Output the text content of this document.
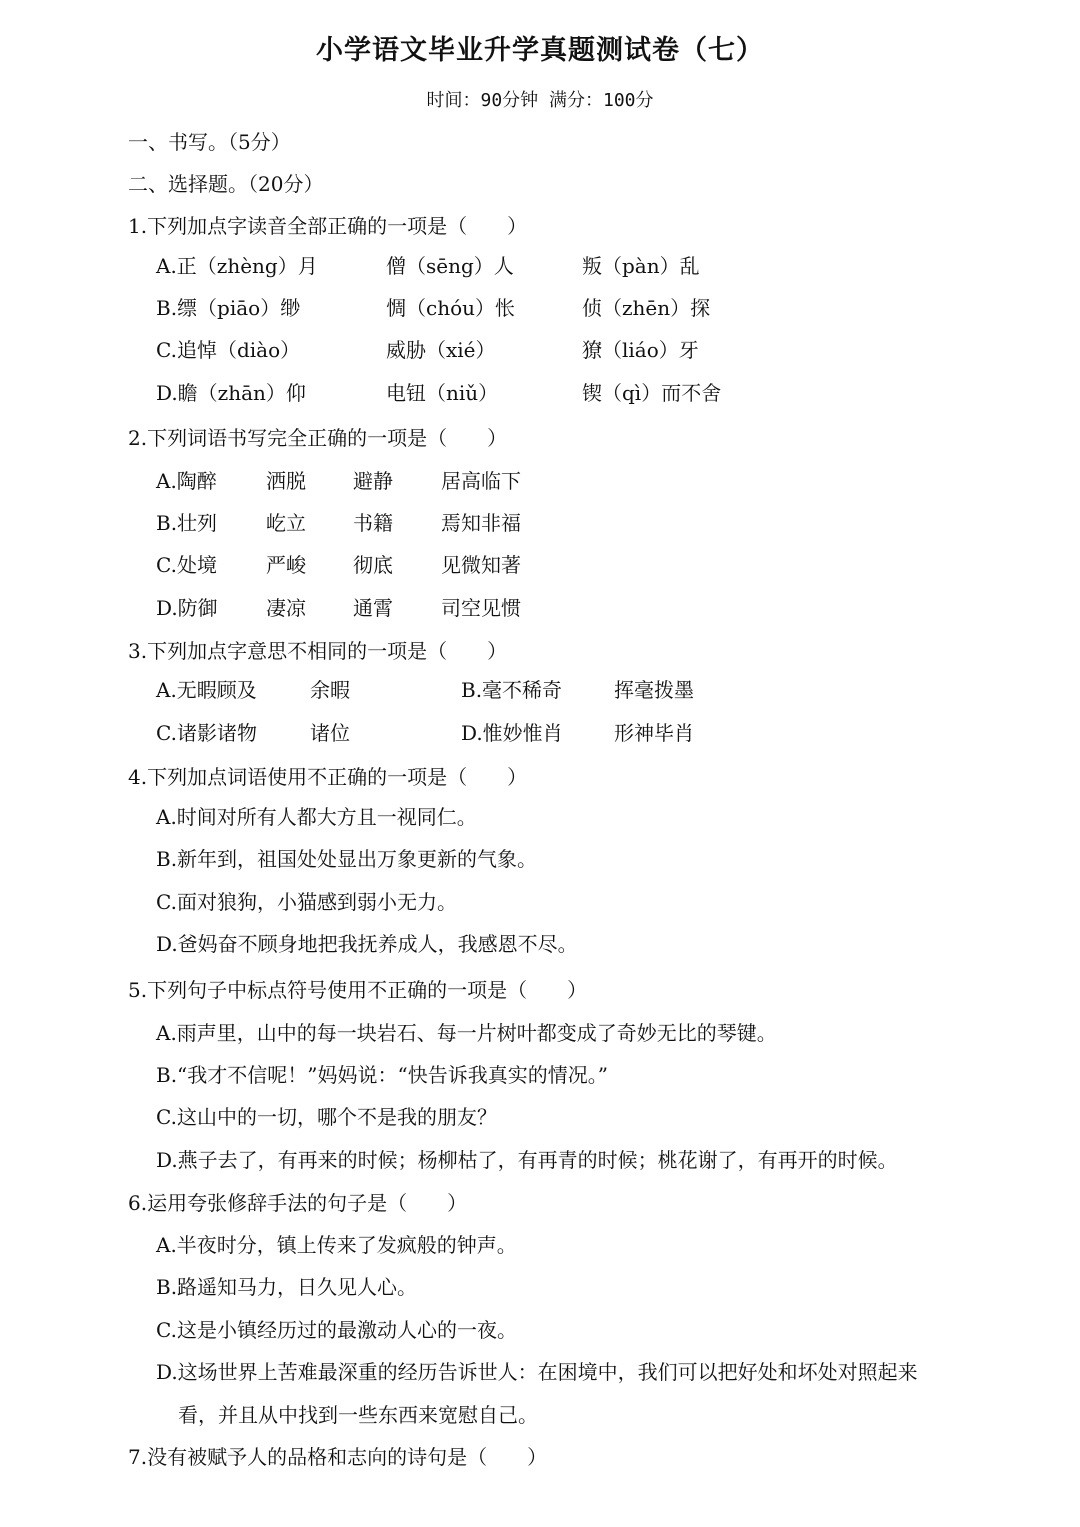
小学语文毕业升学真题测试卷（七）
时间：90分钟 满分：100分
一、书写。（5分）
二、选择题。（20分）
1.下列加点字读音全部正确的一项是（　　）
A.正（zhèng）月	僧（sēng）人	叛（pàn）乱
B.缥（piāo）缈	惆（chóu）怅	侦（zhēn）探
C.追悼（diào）	威胁（xié）	獠（liáo）牙
D.瞻（zhān）仰	电钮（niǔ）	锲（qì）而不舍
2.下列词语书写完全正确的一项是（　　）
A.陶醉 洒脱 避静 居高临下
B.壮列 屹立 书籍 焉知非福
C.处境 严峻 彻底 见微知著
D.防御 凄凉 通霄 司空见惯
3.下列加点字意思不相同的一项是（　　）
A.无暇顾及	余暇	B.毫不稀奇	挥毫拨墨
C.诸影诸物	诸位	D.惟妙惟肖	形神毕肖
4.下列加点词语使用不正确的一项是（　　）
A.时间对所有人都大方且一视同仁。
B.新年到，祖国处处显出万象更新的气象。
C.面对狼狗，小猫感到弱小无力。
D.爸妈奋不顾身地把我抚养成人，我感恩不尽。
5.下列句子中标点符号使用不正确的一项是（　　）
A.雨声里，山中的每一块岩石、每一片树叶都变成了奇妙无比的琴键。
B.“我才不信呢！”妈妈说：“快告诉我真实的情况。”
C.这山中的一切，哪个不是我的朋友？
D.燕子去了，有再来的时候；杨柳枯了，有再青的时候；桃花谢了，有再开的时候。
6.运用夸张修辞手法的句子是（　　）
A.半夜时分，镇上传来了发疯般的钟声。
B.路遥知马力，日久见人心。
C.这是小镇经历过的最激动人心的一夜。
D.这场世界上苦难最深重的经历告诉世人：在困境中，我们可以把好处和坏处对照起来
看，并且从中找到一些东西来宽慰自己。
7.没有被赋予人的品格和志向的诗句是（　　）
